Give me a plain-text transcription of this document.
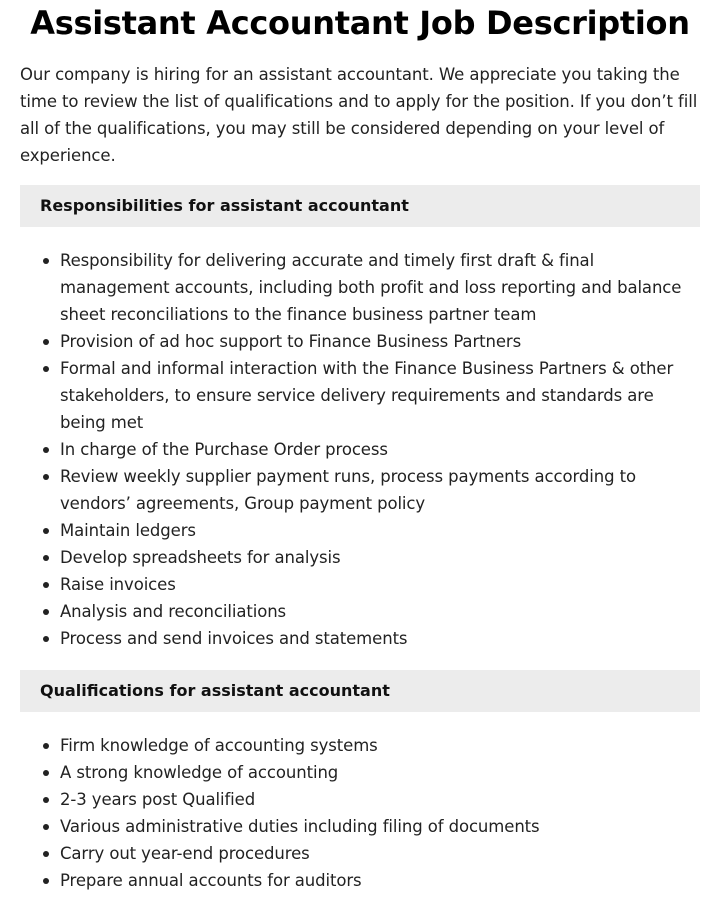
Assistant Accountant Job Description

Our company is hiring for an assistant accountant. We appreciate you taking the time to review the list of qualifications and to apply for the position. If you don’t fill all of the qualifications, you may still be considered depending on your level of experience.

Responsibilities for assistant accountant
Responsibility for delivering accurate and timely first draft & final management accounts, including both profit and loss reporting and balance sheet reconciliations to the finance business partner team
Provision of ad hoc support to Finance Business Partners
Formal and informal interaction with the Finance Business Partners & other stakeholders, to ensure service delivery requirements and standards are being met
In charge of the Purchase Order process
Review weekly supplier payment runs, process payments according to vendors’ agreements, Group payment policy
Maintain ledgers
Develop spreadsheets for analysis
Raise invoices
Analysis and reconciliations
Process and send invoices and statements
Qualifications for assistant accountant
Firm knowledge of accounting systems
A strong knowledge of accounting
2-3 years post Qualified
Various administrative duties including filing of documents
Carry out year-end procedures
Prepare annual accounts for auditors
